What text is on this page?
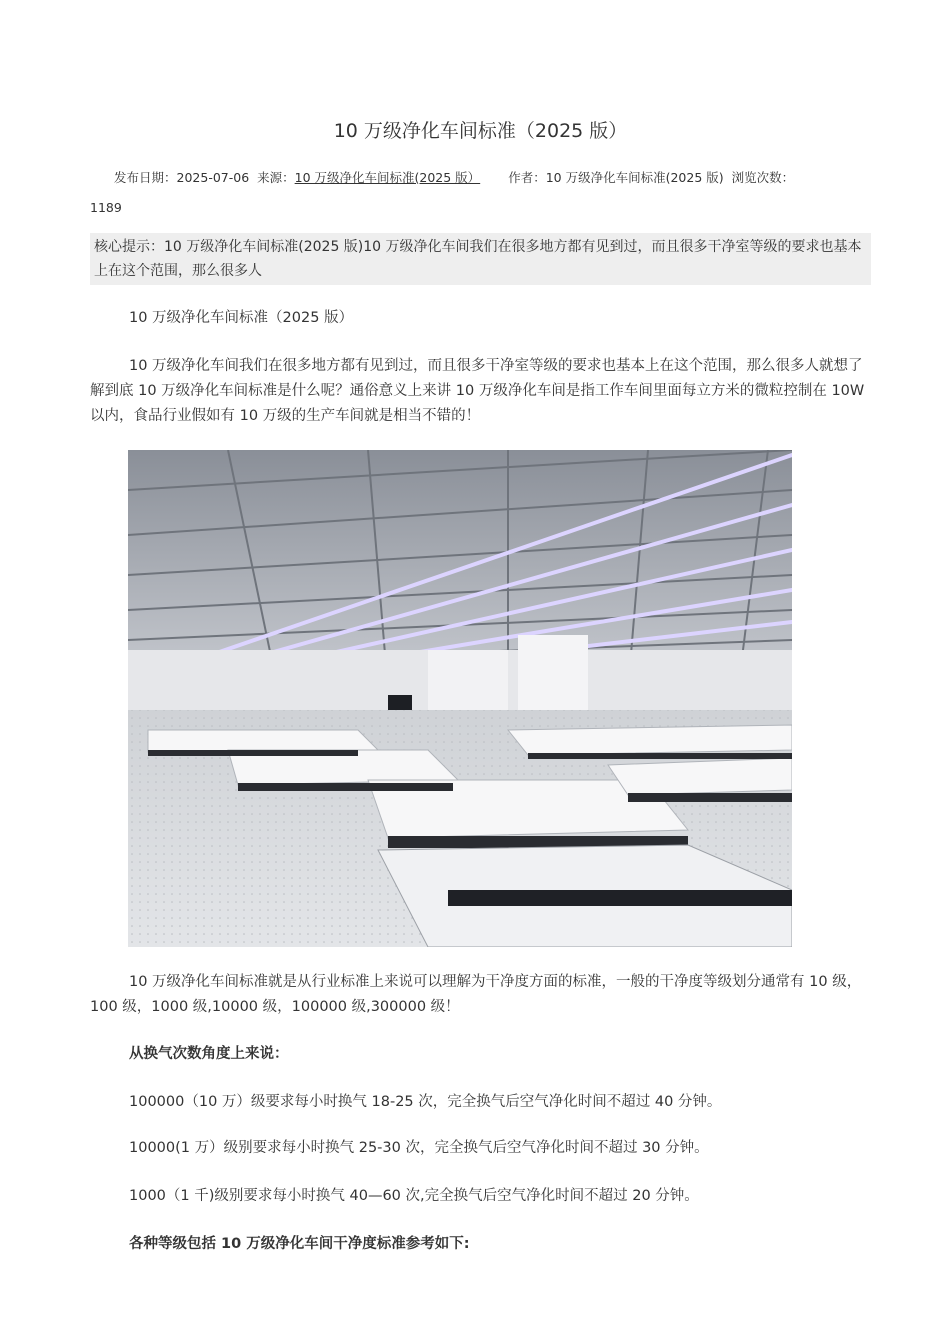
10 万级净化车间标准（2025 版）
发布日期：2025-07-06 来源：10 万级净化车间标准(2025 版） 作者：10 万级净化车间标准(2025 版) 浏览次数：
1189
核心提示：10 万级净化车间标准(2025 版)10 万级净化车间我们在很多地方都有见到过，而且很多干净室等级的要求也基本上在这个范围，那么很多人

10 万级净化车间标准（2025 版）

10 万级净化车间我们在很多地方都有见到过，而且很多干净室等级的要求也基本上在这个范围，那么很多人就想了解到底 10 万级净化车间标准是什么呢？通俗意义上来讲 10 万级净化车间是指工作车间里面每立方米的微粒控制在 10W 以内，食品行业假如有 10 万级的生产车间就是相当不错的！

10 万级净化车间标准就是从行业标准上来说可以理解为干净度方面的标准，一般的干净度等级划分通常有 10 级，100 级，1000 级,10000 级，100000 级,300000 级！

从换气次数角度上来说：

100000（10 万）级要求每小时换气 18-25 次，完全换气后空气净化时间不超过 40 分钟。

10000(1 万）级别要求每小时换气 25-30 次，完全换气后空气净化时间不超过 30 分钟。

1000（1 千)级别要求每小时换气 40—60 次,完全换气后空气净化时间不超过 20 分钟。

各种等级包括 10 万级净化车间干净度标准参考如下:
